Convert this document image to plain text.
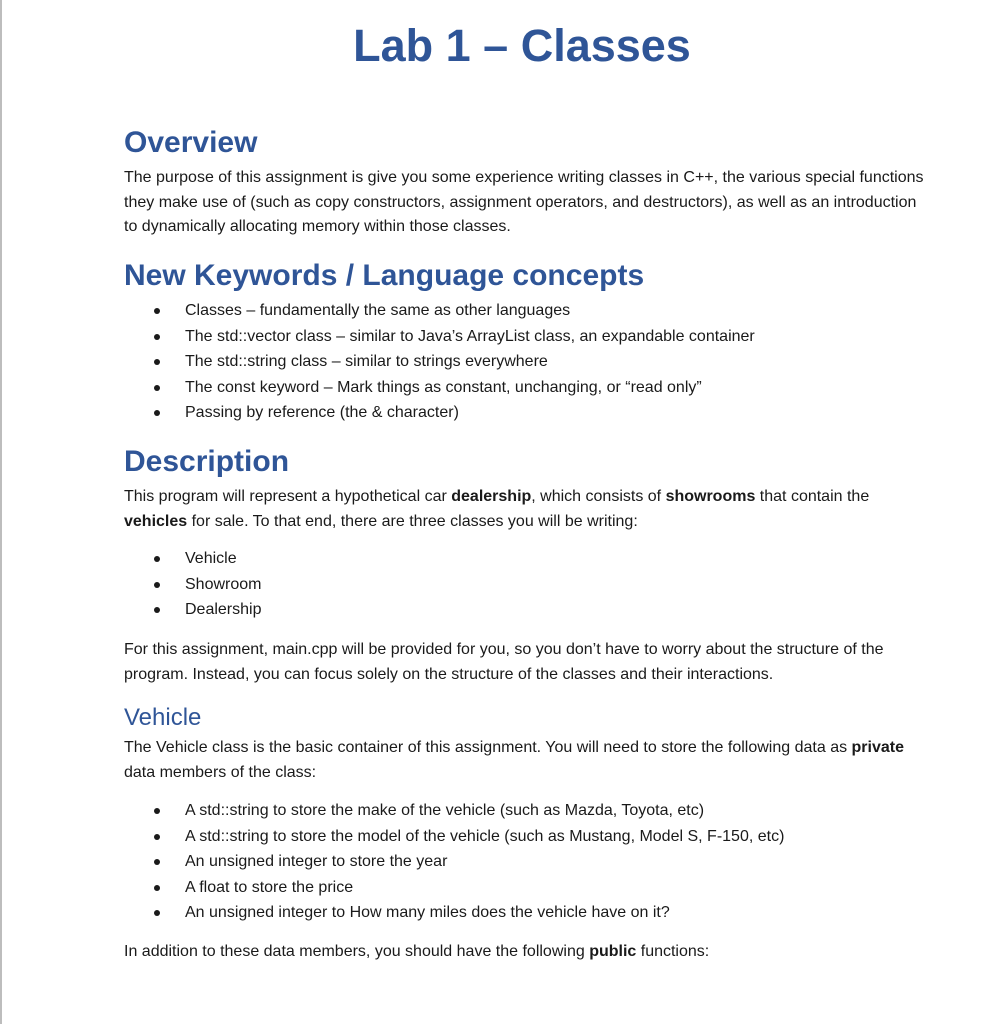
Lab 1 – Classes
Overview

The purpose of this assignment is give you some experience writing classes in C++, the various special functions they make use of (such as copy constructors, assignment operators, and destructors), as well as an introduction to dynamically allocating memory within those classes.

New Keywords / Language concepts
Classes – fundamentally the same as other languages
The std::vector class – similar to Java’s ArrayList class, an expandable container
The std::string class – similar to strings everywhere
The const keyword – Mark things as constant, unchanging, or “read only”
Passing by reference (the & character)
Description

This program will represent a hypothetical car dealership, which consists of showrooms that contain the vehicles for sale. To that end, there are three classes you will be writing:

Vehicle
Showroom
Dealership

For this assignment, main.cpp will be provided for you, so you don’t have to worry about the structure of the program. Instead, you can focus solely on the structure of the classes and their interactions.

Vehicle

The Vehicle class is the basic container of this assignment. You will need to store the following data as private data members of the class:

A std::string to store the make of the vehicle (such as Mazda, Toyota, etc)
A std::string to store the model of the vehicle (such as Mustang, Model S, F-150, etc)
An unsigned integer to store the year
A float to store the price
An unsigned integer to How many miles does the vehicle have on it?

In addition to these data members, you should have the following public functions:
